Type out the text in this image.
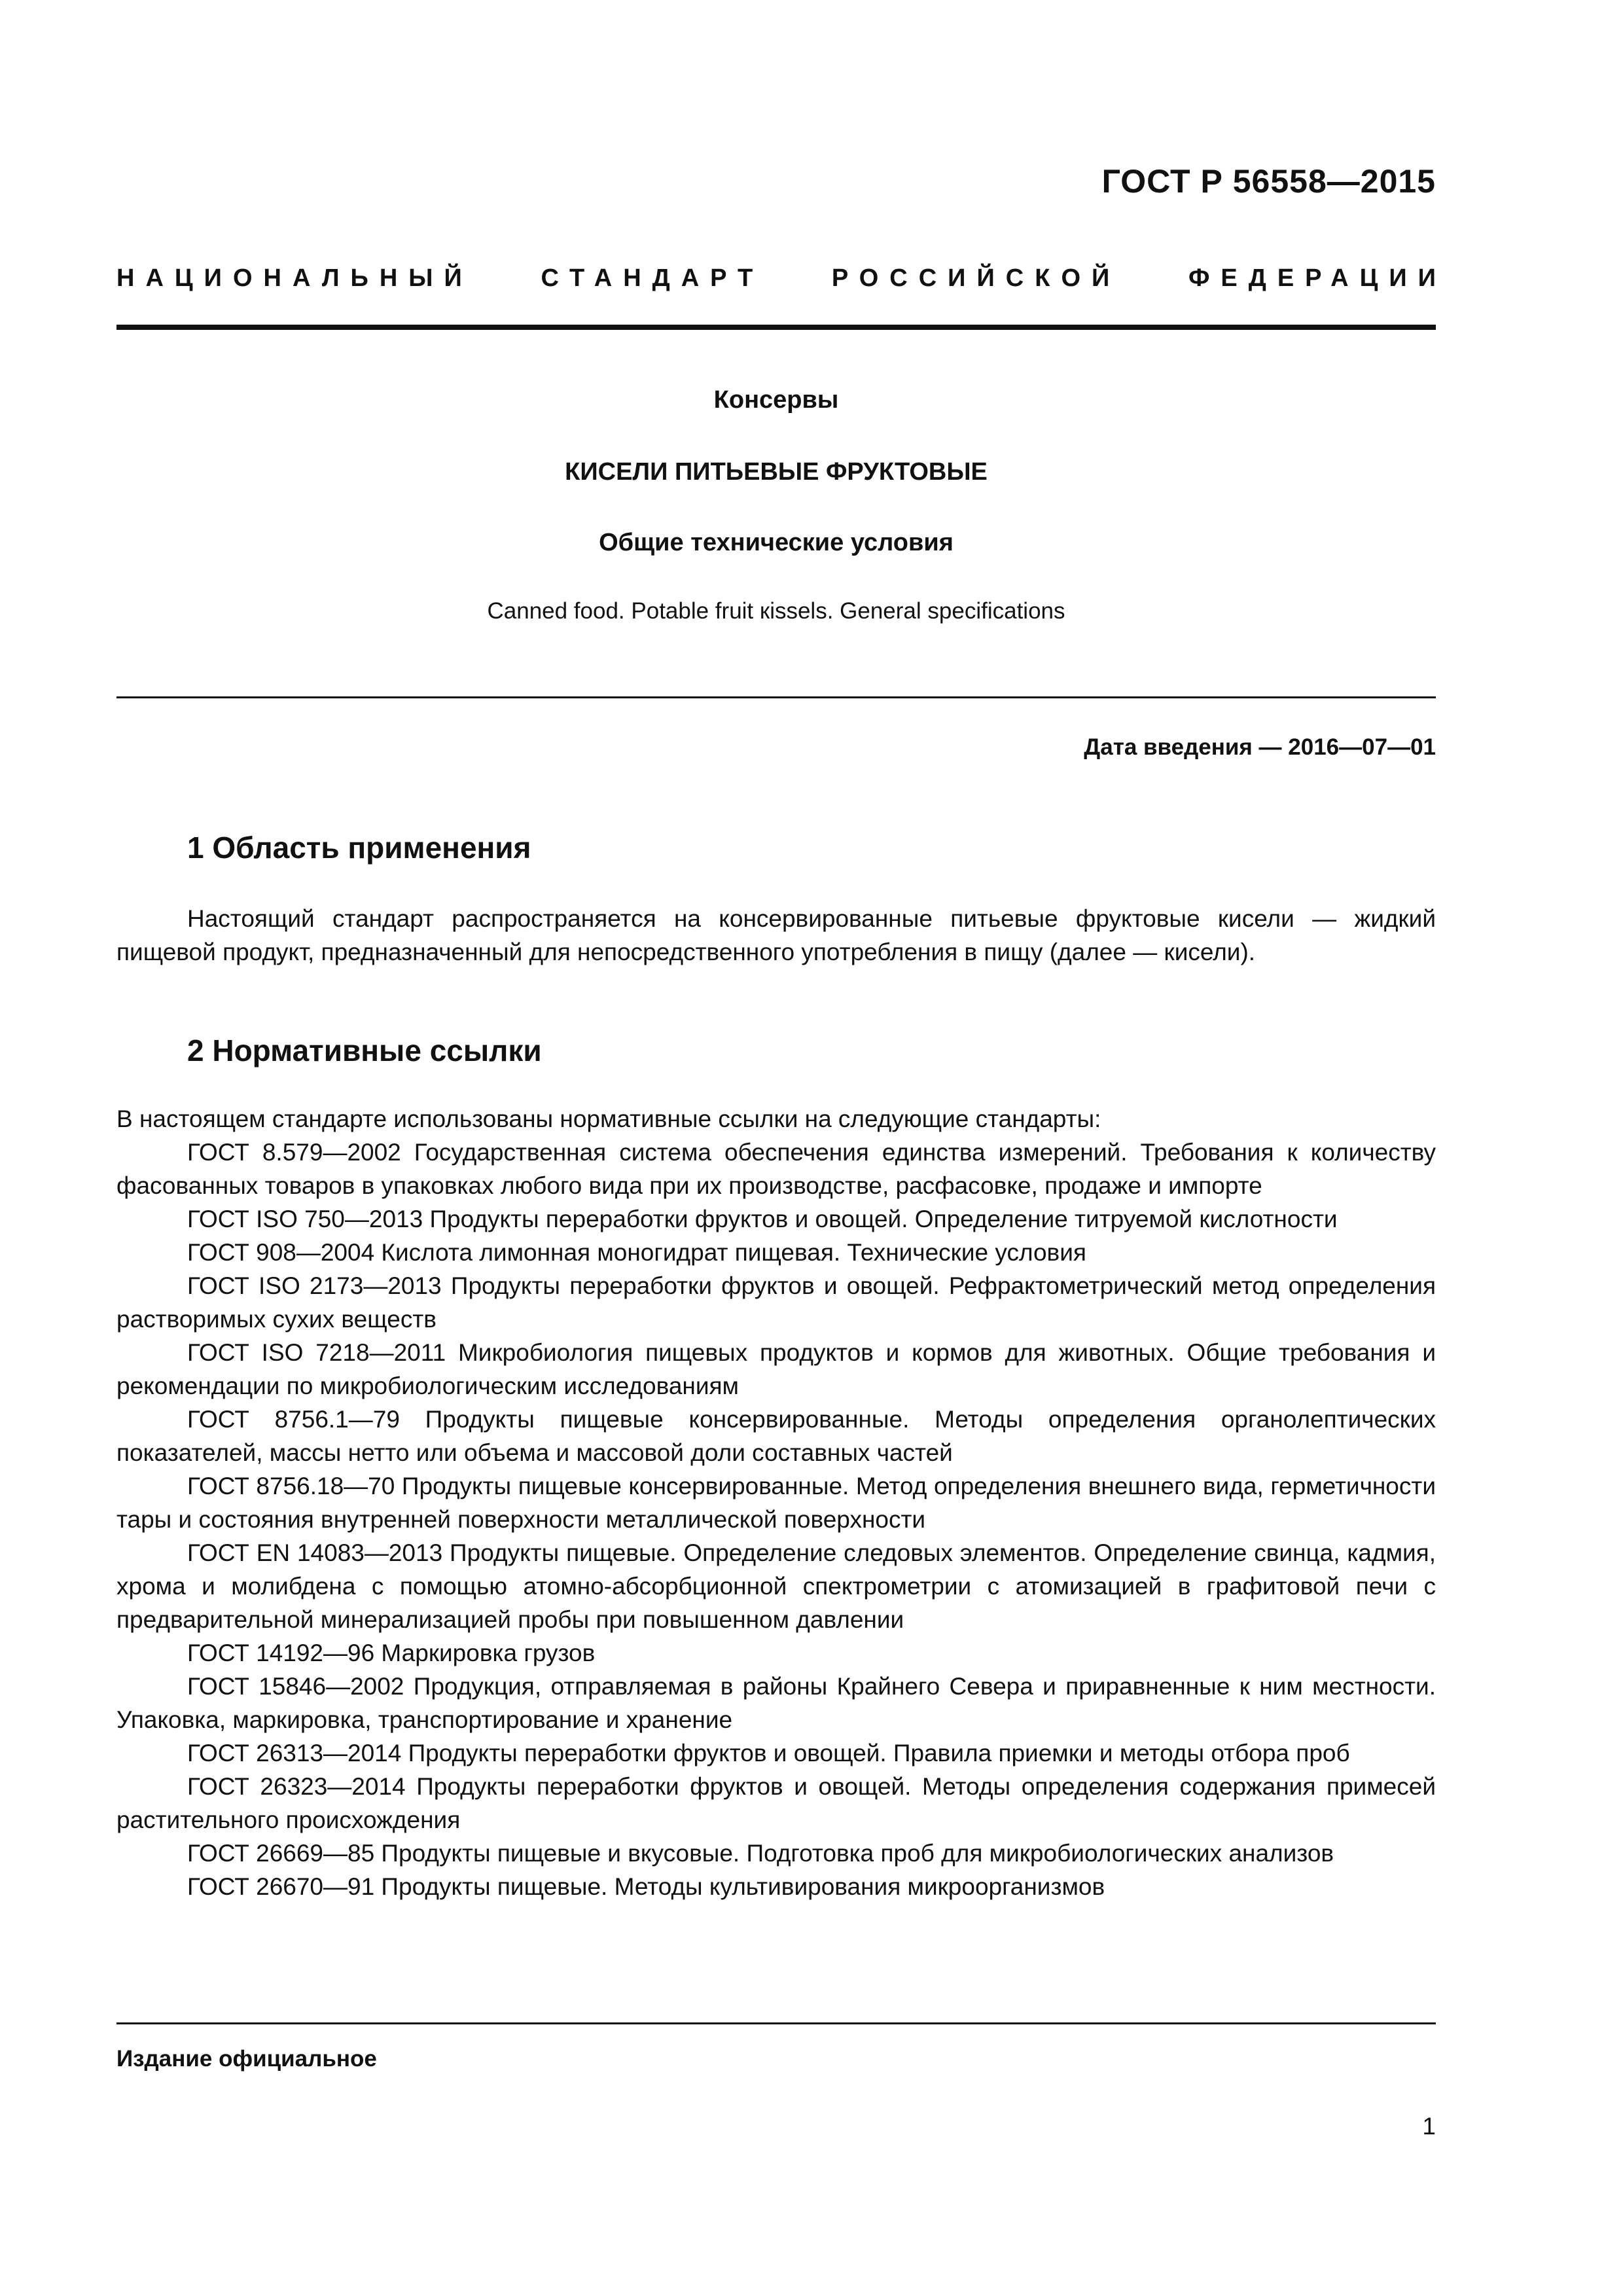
ГОСТ Р 56558—2015
НАЦИОНАЛЬНЫЙ	СТАНДАРТ	РОССИЙСКОЙ	ФЕДЕРАЦИИ
Консервы
КИСЕЛИ ПИТЬЕВЫЕ ФРУКТОВЫЕ
Общие технические условия
Canned food. Potable fruit кissels. General specifications
Дата введения — 2016—07—01
1 Область применения

Настоящий стандарт распространяется на консервированные питьевые фруктовые кисели — жидкий пищевой продукт, предназначенный для непосредственного употребления в пищу (далее — кисели).

2 Нормативные ссылки
В настоящем стандарте использованы нормативные ссылки на следующие стандарты:
ГОСТ 8.579—2002 Государственная система обеспечения единства измерений. Требования к количеству фасованных товаров в упаковках любого вида при их производстве, расфасовке, продаже и импорте
ГОСТ ISO 750—2013 Продукты переработки фруктов и овощей. Определение титруемой кислотности
ГОСТ 908—2004 Кислота лимонная моногидрат пищевая. Технические условия
ГОСТ ISO 2173—2013 Продукты переработки фруктов и овощей. Рефрактометрический метод определения растворимых сухих веществ
ГОСТ ISO 7218—2011 Микробиология пищевых продуктов и кормов для животных. Общие требования и рекомендации по микробиологическим исследованиям
ГОСТ 8756.1—79 Продукты пищевые консервированные. Методы определения органолептических показателей, массы нетто или объема и массовой доли составных частей
ГОСТ 8756.18—70 Продукты пищевые консервированные. Метод определения внешнего вида, герметичности тары и состояния внутренней поверхности металлической поверхности
ГОСТ EN 14083—2013 Продукты пищевые. Определение следовых элементов. Определение свинца, кадмия, хрома и молибдена с помощью атомно-абсорбционной спектрометрии с атомизацией в графитовой печи с предварительной минерализацией пробы при повышенном давлении
ГОСТ 14192—96 Маркировка грузов
ГОСТ 15846—2002 Продукция, отправляемая в районы Крайнего Севера и приравненные к ним местности. Упаковка, маркировка, транспортирование и хранение
ГОСТ 26313—2014 Продукты переработки фруктов и овощей. Правила приемки и методы отбора проб
ГОСТ 26323—2014 Продукты переработки фруктов и овощей. Методы определения содержания примесей растительного происхождения
ГОСТ 26669—85 Продукты пищевые и вкусовые. Подготовка проб для микробиологических анализов
ГОСТ 26670—91 Продукты пищевые. Методы культивирования микроорганизмов
Издание официальное
1
